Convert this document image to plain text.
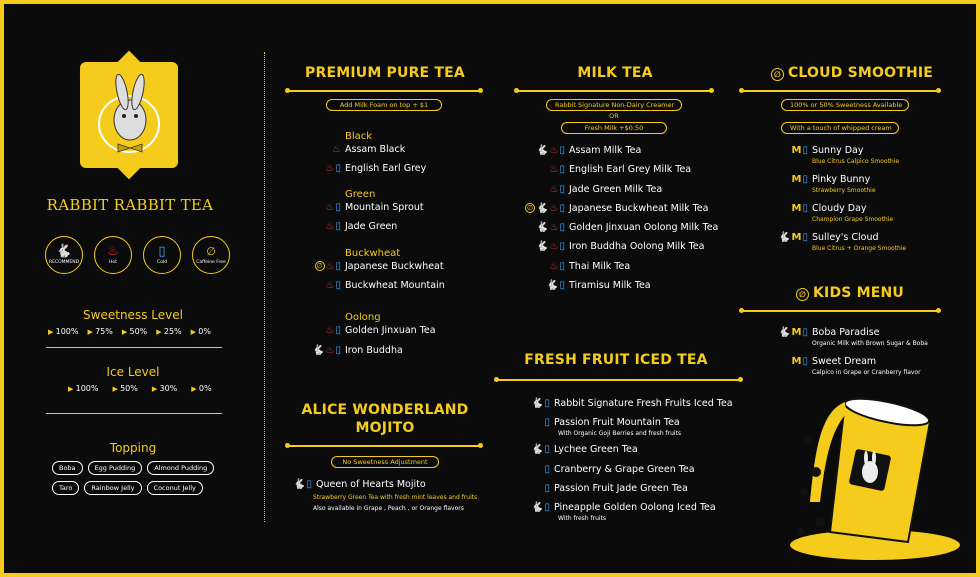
RABBIT RABBIT TEA
🐇
RECOMMEND
♨
Hot
▯
Cold
∅
Caffeine Free
Sweetness Level
▶ 100%	▶ 75%	▶ 50%	▶ 25%	▶ 0%
Ice Level
▶ 100%	▶ 50%	▶ 30%	▶ 0%
Topping
Boba	Egg Pudding	Almond Pudding
Taro	Rainbow Jelly	Coconut Jelly
PREMIUM PURE TEA
Add Milk Foam on top + $1
Black
♨ Assam Black
♨ ▯ English Earl Grey
Green
♨ ▯ Mountain Sprout
♨ ▯ Jade Green
Buckwheat
∅ ♨ ▯ Japanese Buckwheat
♨ ▯ Buckwheat Mountain
Oolong
♨ ▯ Golden Jinxuan Tea
🐇 ♨ ▯ Iron Buddha
ALICE WONDERLAND
MOJITO
No Sweetness Adjustment
🐇 ▯ Queen of Hearts Mojito
Strawberry Green Tea with fresh mint leaves and fruits
Also available in Grape , Peach , or Orange flavors
MILK TEA
Rabbit Signature Non-Dairy Creamer
OR
Fresh Milk +$0.50
🐇 ♨ ▯ Assam Milk Tea
♨ ▯ English Earl Grey Milk Tea
♨ ▯ Jade Green Milk Tea
∅ 🐇 ♨ ▯ Japanese Buckwheat Milk Tea
🐇 ♨ ▯ Golden Jinxuan Oolong Milk Tea
🐇 ♨ ▯ Iron Buddha Oolong Milk Tea
♨ ▯ Thai Milk Tea
🐇 ▯ Tiramisu Milk Tea
FRESH FRUIT ICED TEA
🐇 ▯ Rabbit Signature Fresh Fruits Iced Tea
▯ Passion Fruit Mountain Tea
With Organic Goji Berries and fresh fruits
🐇 ▯ Lychee Green Tea
▯ Cranberry & Grape Green Tea
▯ Passion Fruit Jade Green Tea
🐇 ▯ Pineapple Golden Oolong Iced Tea
With fresh fruits
∅ CLOUD SMOOTHIE
100% or 50% Sweetness Available
With a touch of whipped cream
M ▯ Sunny Day
Blue Citrus Calpico Smoothie
M ▯ Pinky Bunny
Strawberry Smoothie
M ▯ Cloudy Day
Champion Grape Smoothie
🐇 M ▯ Sulley's Cloud
Blue Citrus + Orange Smoothie
∅ KIDS MENU
🐇 M ▯ Boba Paradise
Organic Milk with Brown Sugar & Boba
M ▯ Sweet Dream
Calpico in Grape or Cranberry flavor
